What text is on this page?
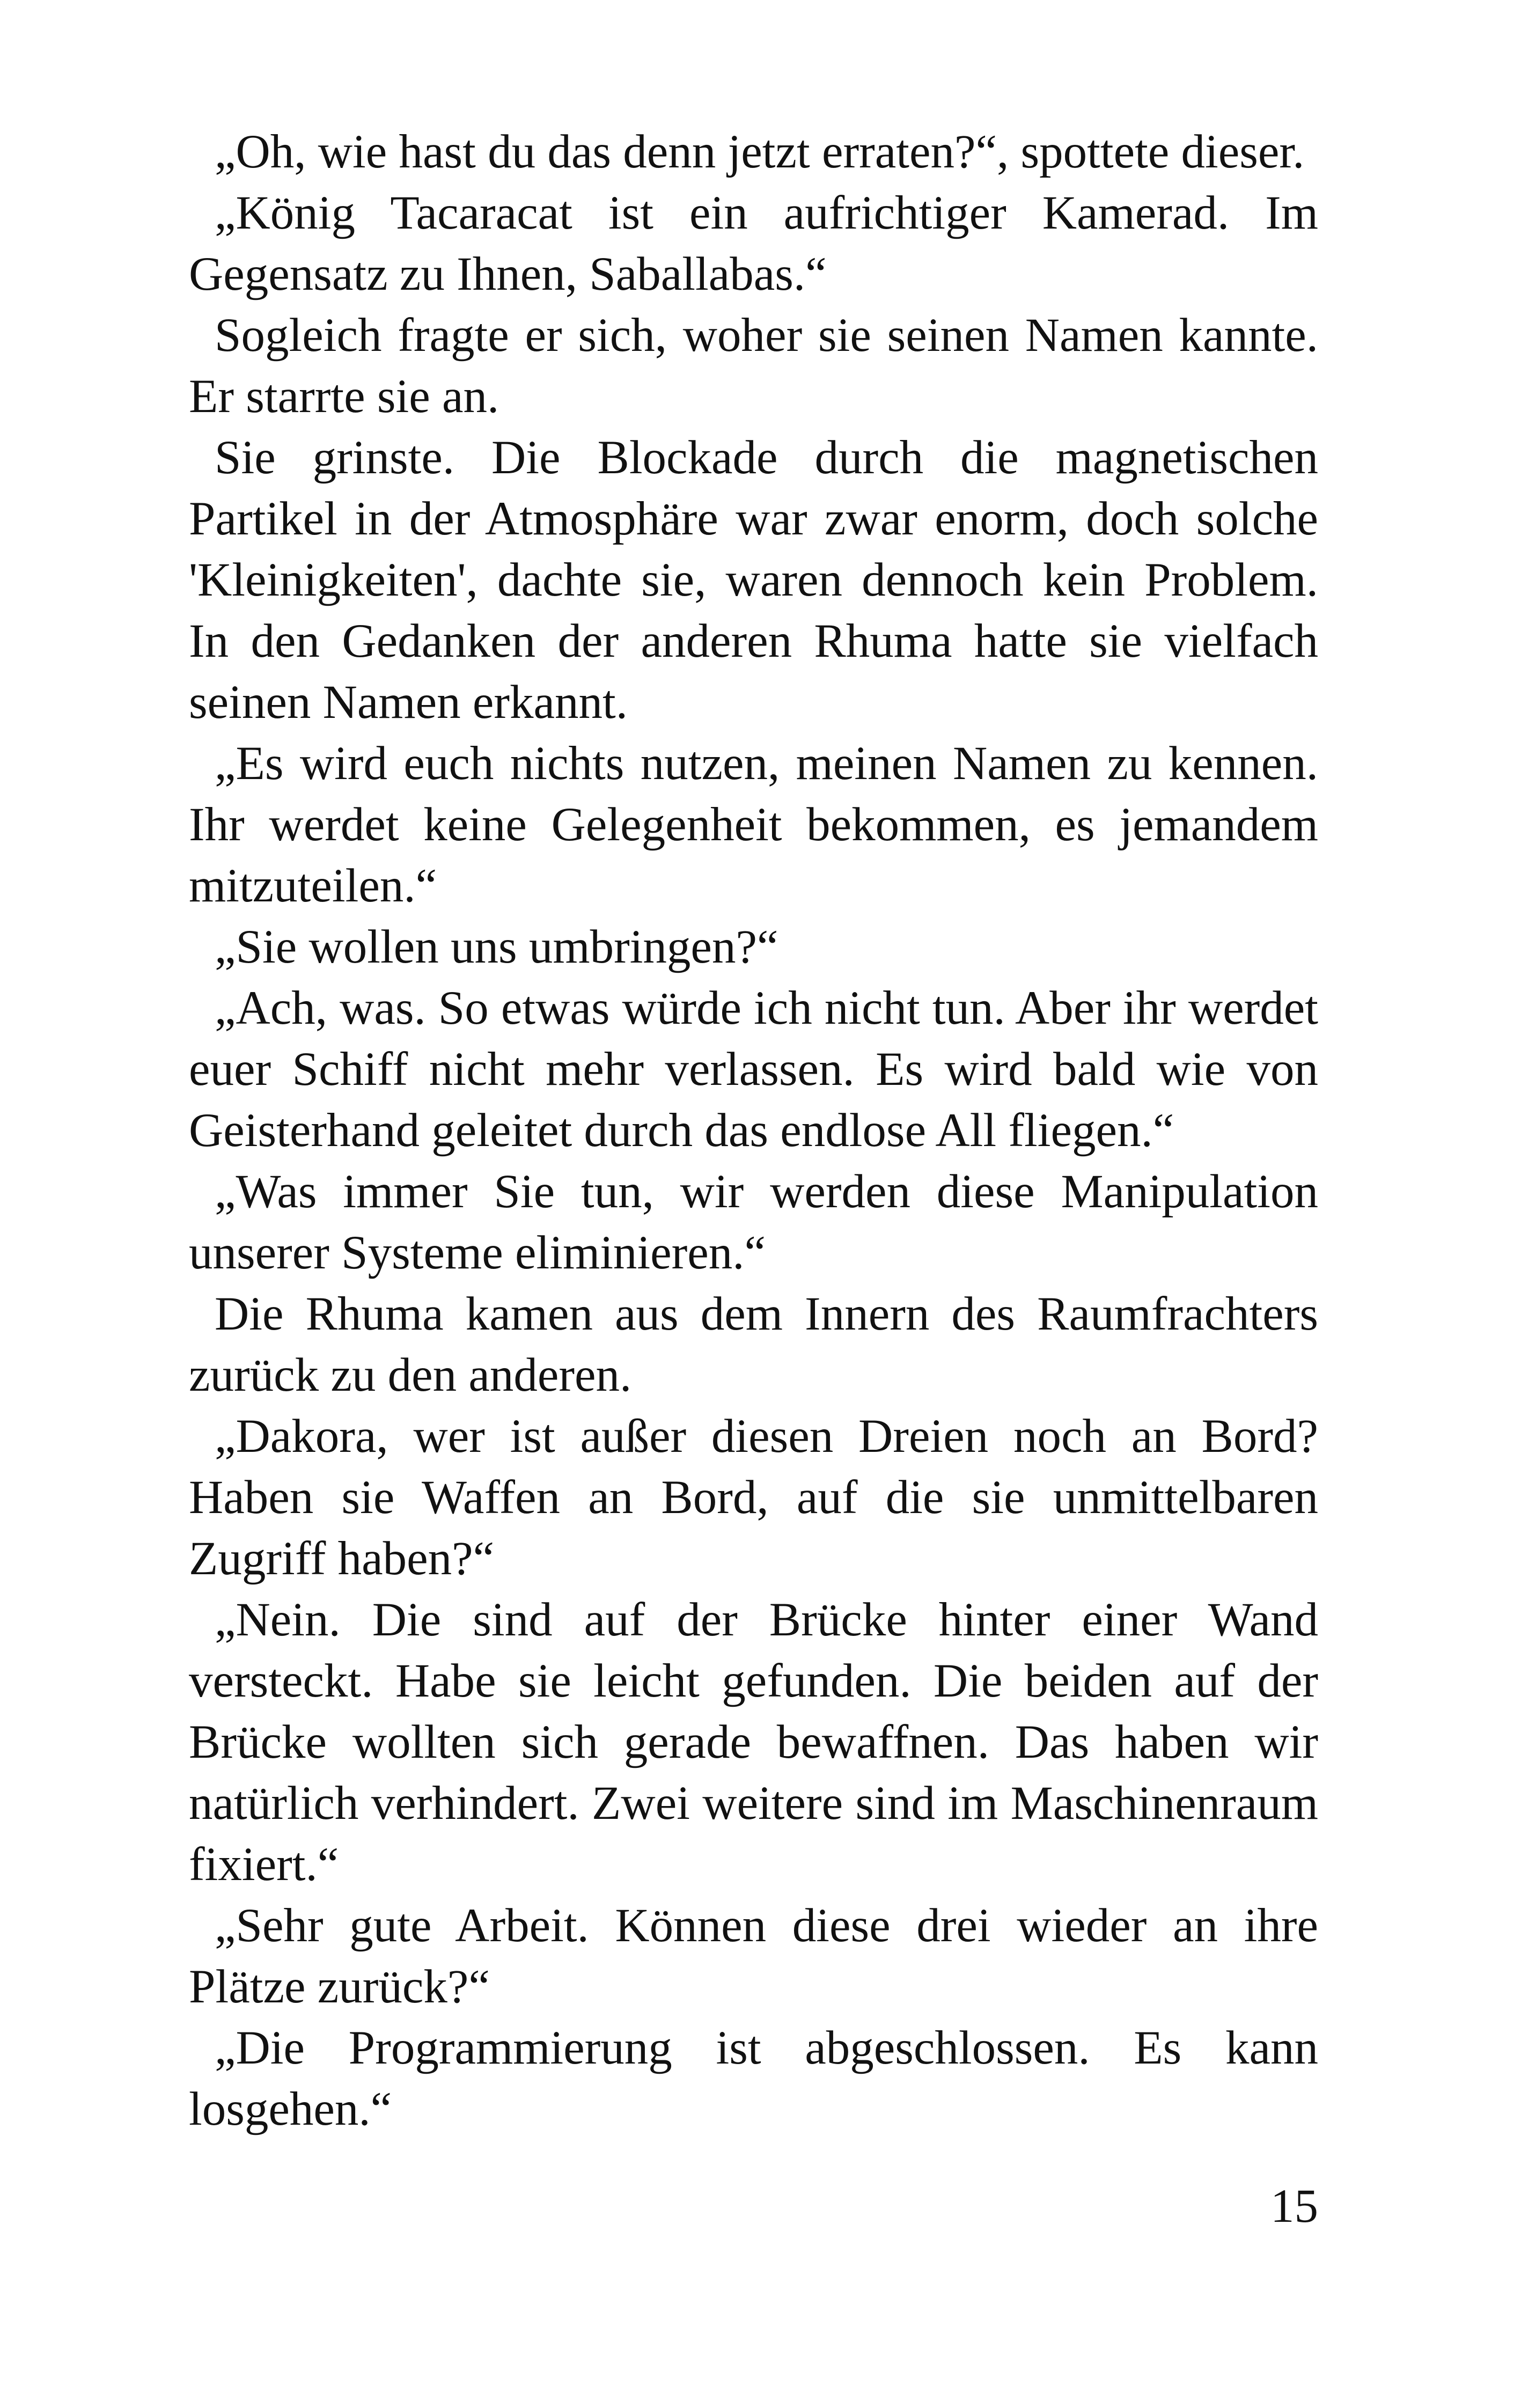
„Oh, wie hast du das denn jetzt erraten?“, spottete dieser.

„König Tacaracat ist ein aufrichtiger Kamerad. Im Gegensatz zu Ihnen, Saballabas.“

Sogleich fragte er sich, woher sie seinen Namen kannte. Er starrte sie an.

Sie grinste. Die Blockade durch die magnetischen Partikel in der Atmosphäre war zwar enorm, doch solche 'Kleinigkeiten', dachte sie, waren dennoch kein Problem. In den Gedanken der anderen Rhuma hatte sie vielfach seinen Namen erkannt.

„Es wird euch nichts nutzen, meinen Namen zu kennen. Ihr werdet keine Gelegenheit bekommen, es jemandem mitzuteilen.“

„Sie wollen uns umbringen?“

„Ach, was. So etwas würde ich nicht tun. Aber ihr werdet euer Schiff nicht mehr verlassen. Es wird bald wie von Geisterhand geleitet durch das endlose All fliegen.“

„Was immer Sie tun, wir werden diese Manipulation unserer Systeme eliminieren.“

Die Rhuma kamen aus dem Innern des Raumfrachters zurück zu den anderen.

„Dakora, wer ist außer diesen Dreien noch an Bord? Haben sie Waffen an Bord, auf die sie unmittelbaren Zugriff haben?“

„Nein. Die sind auf der Brücke hinter einer Wand versteckt. Habe sie leicht gefunden. Die beiden auf der Brücke wollten sich gerade bewaffnen. Das haben wir natürlich verhindert. Zwei weitere sind im Maschinenraum fixiert.“

„Sehr gute Arbeit. Können diese drei wieder an ihre Plätze zurück?“

„Die Programmierung ist abgeschlossen. Es kann losgehen.“

15
